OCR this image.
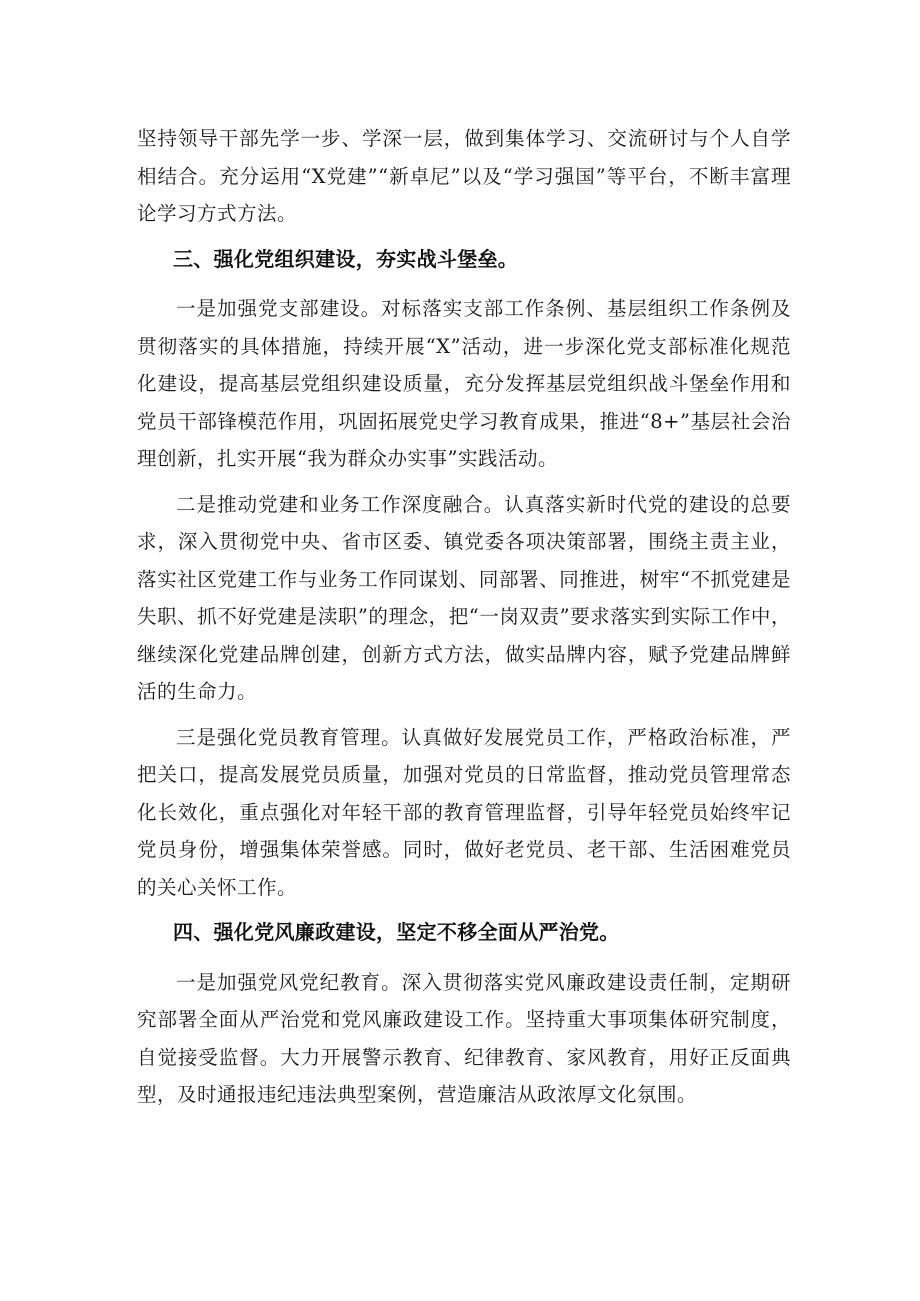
坚持领导干部先学一步、学深一层，做到集体学习、交流研讨与个人自学相结合。充分运用“X党建”“新卓尼”以及“学习强国”等平台，不断丰富理论学习方式方法。

三、强化党组织建设，夯实战斗堡垒。

一是加强党支部建设。对标落实支部工作条例、基层组织工作条例及贯彻落实的具体措施，持续开展“X”活动，进一步深化党支部标准化规范化建设，提高基层党组织建设质量，充分发挥基层党组织战斗堡垒作用和党员干部锋模范作用，巩固拓展党史学习教育成果，推进“8+”基层社会治理创新，扎实开展“我为群众办实事”实践活动。

二是推动党建和业务工作深度融合。认真落实新时代党的建设的总要求，深入贯彻党中央、省市区委、镇党委各项决策部署，围绕主责主业，落实社区党建工作与业务工作同谋划、同部署、同推进，树牢“不抓党建是失职、抓不好党建是渎职”的理念，把“一岗双责”要求落实到实际工作中，继续深化党建品牌创建，创新方式方法，做实品牌内容，赋予党建品牌鲜活的生命力。

三是强化党员教育管理。认真做好发展党员工作，严格政治标准，严把关口，提高发展党员质量，加强对党员的日常监督，推动党员管理常态化长效化，重点强化对年轻干部的教育管理监督，引导年轻党员始终牢记党员身份，增强集体荣誉感。同时，做好老党员、老干部、生活困难党员的关心关怀工作。

四、强化党风廉政建设，坚定不移全面从严治党。

一是加强党风党纪教育。深入贯彻落实党风廉政建设责任制，定期研究部署全面从严治党和党风廉政建设工作。坚持重大事项集体研究制度，自觉接受监督。大力开展警示教育、纪律教育、家风教育，用好正反面典型，及时通报违纪违法典型案例，营造廉洁从政浓厚文化氛围。
